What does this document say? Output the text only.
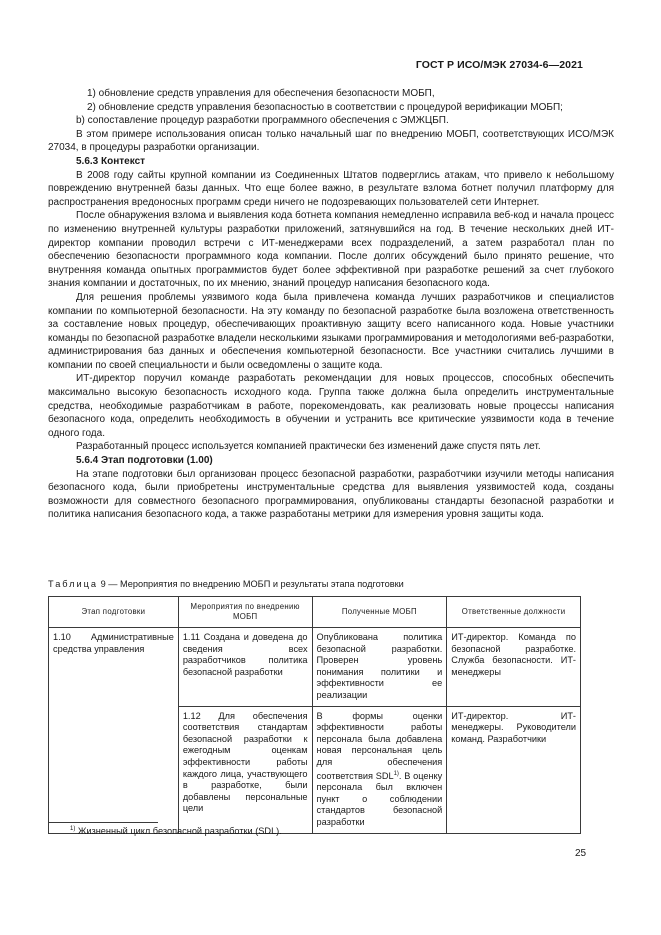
ГОСТ Р ИСО/МЭК 27034-6—2021

1) обновление средств управления для обеспечения безопасности МОБП,

2) обновление средств управления безопасностью в соответствии с процедурой верификации МОБП;

b) сопоставление процедур разработки программного обеспечения с ЭМЖЦБП.

В этом примере использования описан только начальный шаг по внедрению МОБП, соответствующих ИСО/МЭК 27034, в процедуры разработки организации.

5.6.3 Контекст

В 2008 году сайты крупной компании из Соединенных Штатов подверглись атакам, что привело к небольшому повреждению внутренней базы данных. Что еще более важно, в результате взлома ботнет получил платформу для распространения вредоносных программ среди ничего не подозревающих пользователей сети Интернет.

После обнаружения взлома и выявления кода ботнета компания немедленно исправила веб-код и начала процесс по изменению внутренней культуры разработки приложений, затянувшийся на год. В течение нескольких дней ИТ-директор компании проводил встречи с ИТ-менеджерами всех подразделений, а затем разработал план по обеспечению безопасности программного кода компании. После долгих обсуждений было принято решение, что внутренняя команда опытных программистов будет более эффективной при разработке решений за счет глубокого знания компании и достаточных, по их мнению, знаний процедур написания безопасного кода.

Для решения проблемы уязвимого кода была привлечена команда лучших разработчиков и специалистов компании по компьютерной безопасности. На эту команду по безопасной разработке была возложена ответственность за составление новых процедур, обеспечивающих проактивную защиту всего написанного кода. Новые участники команды по безопасной разработке владели несколькими языками программирования и методологиями веб-разработки, администрирования баз данных и обеспечения компьютерной безопасности. Все участники считались лучшими в компании по своей специальности и были осведомлены о защите кода.

ИТ-директор поручил команде разработать рекомендации для новых процессов, способных обеспечить максимально высокую безопасность исходного кода. Группа также должна была определить инструментальные средства, необходимые разработчикам в работе, порекомендовать, как реализовать новые процессы написания безопасного кода, определить необходимость в обучении и устранить все критические уязвимости кода в течение одного года.

Разработанный процесс используется компанией практически без изменений даже спустя пять лет.

5.6.4 Этап подготовки (1.00)

На этапе подготовки был организован процесс безопасной разработки, разработчики изучили методы написания безопасного кода, были приобретены инструментальные средства для выявления уязвимостей кода, созданы возможности для совместного безопасного программирования, опубликованы стандарты безопасной разработки и политика написания безопасного кода, а также разработаны метрики для измерения уровня защиты кода.

Таблица 9 — Мероприятия по внедрению МОБП и результаты этапа подготовки
Этап подготовки	Мероприятия по внедрению МОБП	Полученные МОБП	Ответственные должности
1.10 Административные средства управления	1.11 Создана и доведена до сведения всех разработчиков политика безопасной разработки	Опубликована политика безопасной разработки. Проверен уровень понимания политики и эффективности ее реализации	ИТ-директор. Команда по безопасной разработке. Служба безопасности. ИТ-менеджеры
	1.12 Для обеспечения соответствия стандартам безопасной разработки к ежегодным оценкам эффективности работы каждого лица, участвующего в разработке, были добавлены персональные цели	В формы оценки эффективности работы персонала была добавлена новая персональная цель для обеспечения соответствия SDL$^{1)}$. В оценку персонала был включен пункт о соблюдении стандартов безопасной разработки	ИТ-директор. ИТ-менеджеры. Руководители команд. Разработчики
$^{1)}$ Жизненный цикл безопасной разработки (SDL).
25
